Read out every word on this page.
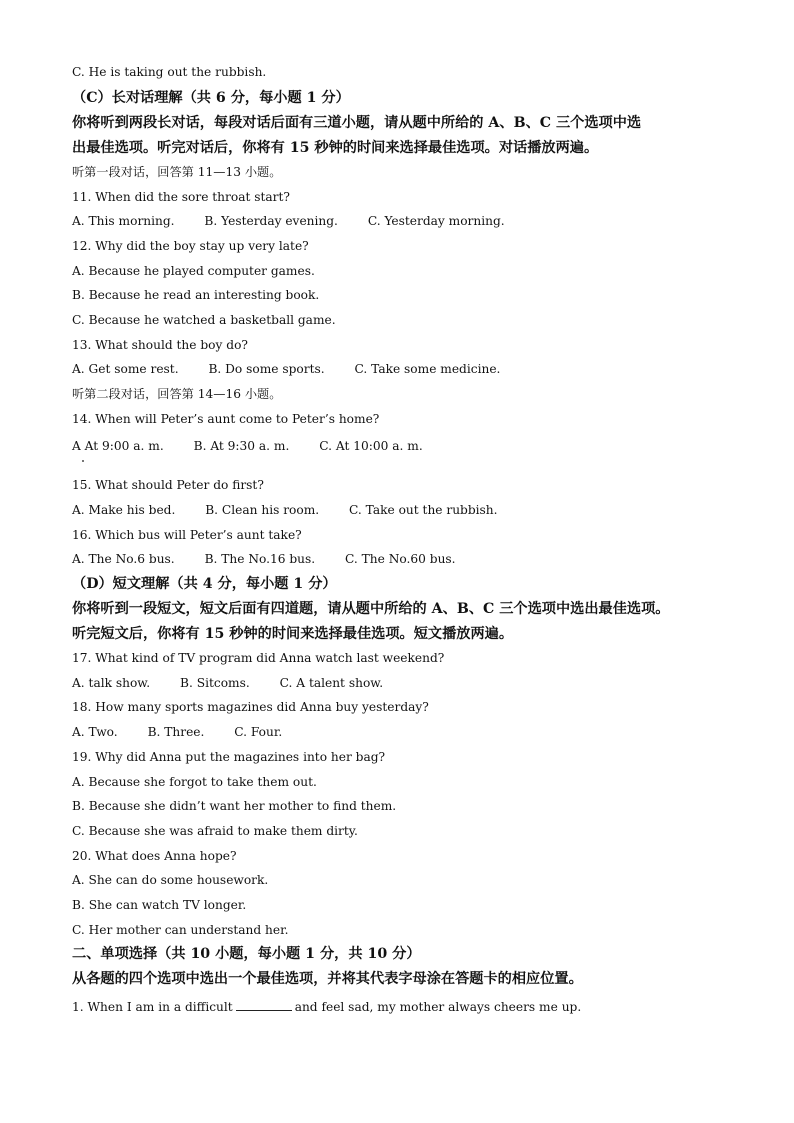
C. He is taking out the rubbish.
（C）长对话理解（共 6 分，每小题 1 分）
你将听到两段长对话，每段对话后面有三道小题，请从题中所给的 A、B、C 三个选项中选
出最佳选项。听完对话后，你将有 15 秒钟的时间来选择最佳选项。对话播放两遍。
听第一段对话，回答第 11—13 小题。
11. When did the sore throat start?
A. This morning. B. Yesterday evening. C. Yesterday morning.
12. Why did the boy stay up very late?
A. Because he played computer games.
B. Because he read an interesting book.
C. Because he watched a basketball game.
13. What should the boy do?
A. Get some rest. B. Do some sports. C. Take some medicine.
听第二段对话，回答第 14—16 小题。
14. When will Peter’s aunt come to Peter’s home?
A At 9:00 a. m. B. At 9:30 a. m. C. At 10:00 a. m.
15. What should Peter do first?
A. Make his bed. B. Clean his room. C. Take out the rubbish.
16. Which bus will Peter’s aunt take?
A. The No.6 bus. B. The No.16 bus. C. The No.60 bus.
（D）短文理解（共 4 分，每小题 1 分）
你将听到一段短文，短文后面有四道题，请从题中所给的 A、B、C 三个选项中选出最佳选项。
听完短文后，你将有 15 秒钟的时间来选择最佳选项。短文播放两遍。
17. What kind of TV program did Anna watch last weekend?
A. talk show. B. Sitcoms. C. A talent show.
18. How many sports magazines did Anna buy yesterday?
A. Two. B. Three. C. Four.
19. Why did Anna put the magazines into her bag?
A. Because she forgot to take them out.
B. Because she didn’t want her mother to find them.
C. Because she was afraid to make them dirty.
20. What does Anna hope?
A. She can do some housework.
B. She can watch TV longer.
C. Her mother can understand her.
二、单项选择（共 10 小题，每小题 1 分，共 10 分）
从各题的四个选项中选出一个最佳选项，并将其代表字母涂在答题卡的相应位置。
1. When I am in a difficult	and feel sad, my mother always cheers me up.
